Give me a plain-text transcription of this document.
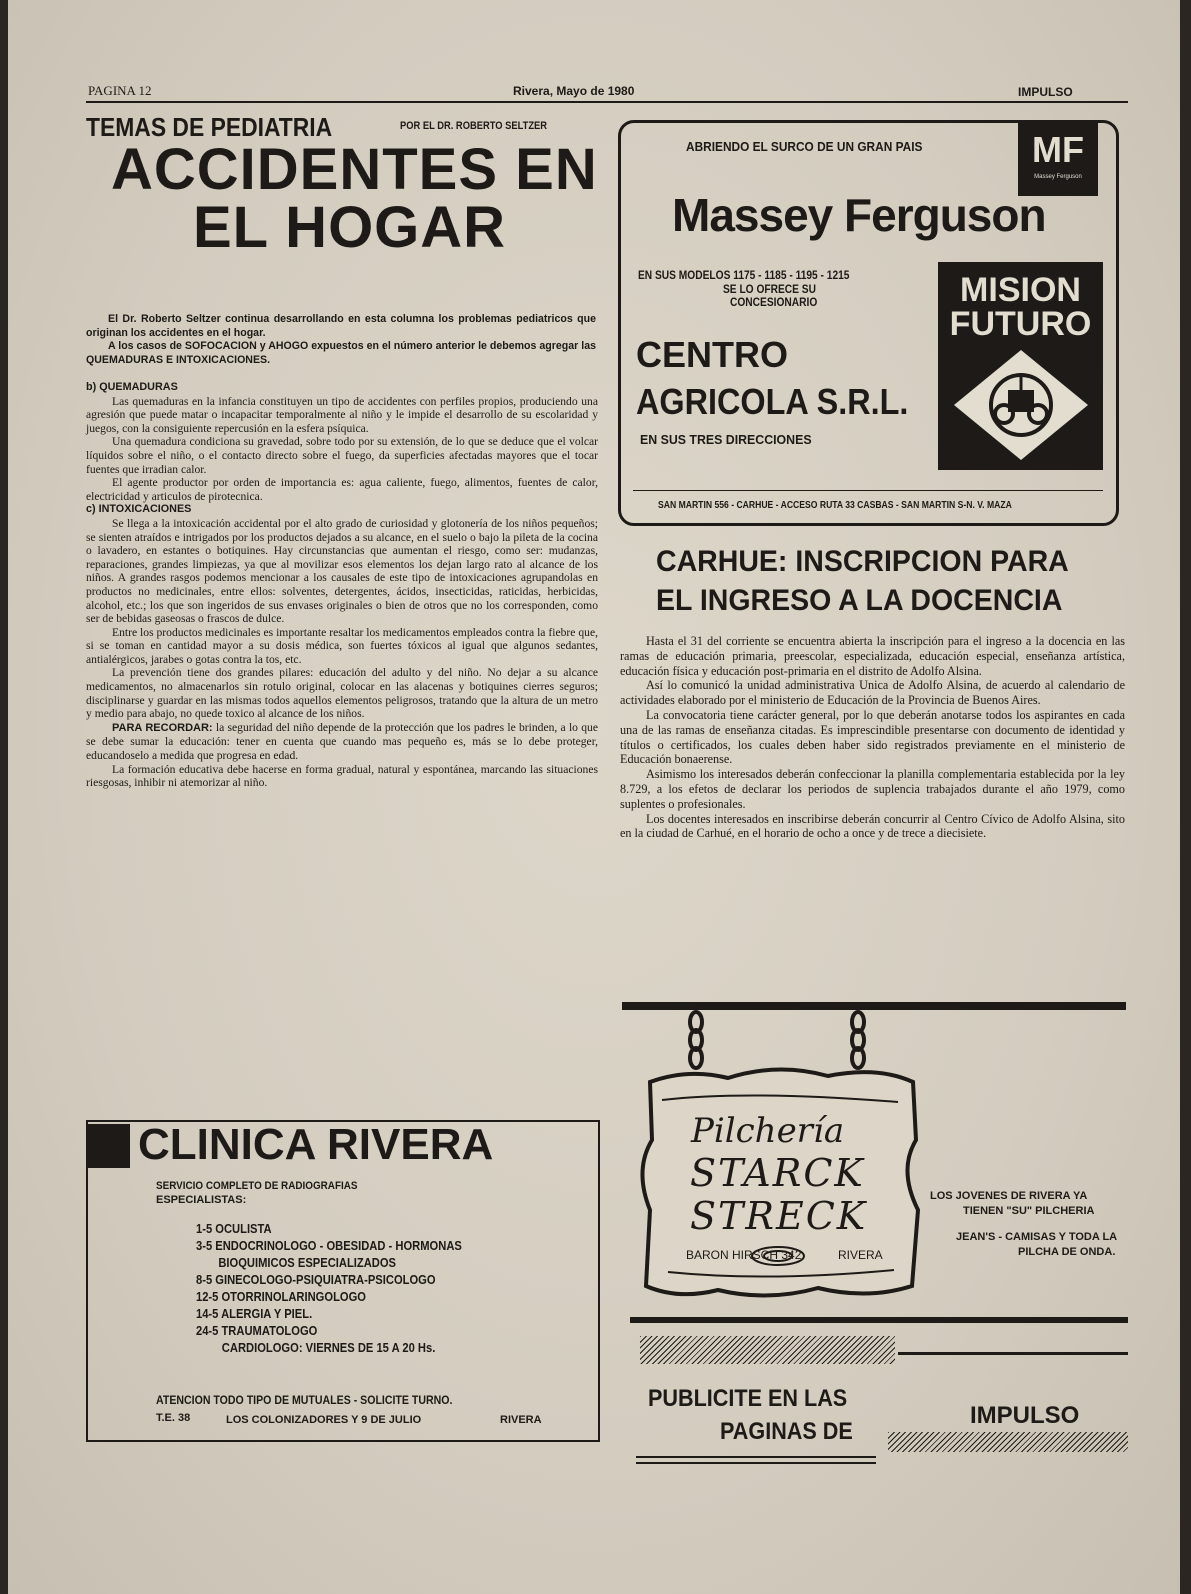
PAGINA 12	Rivera, Mayo de 1980	IMPULSO
TEMAS DE PEDIATRIA	POR EL DR. ROBERTO SELTZER
ACCIDENTES EN
EL HOGAR

El Dr. Roberto Seltzer continua desarrollando en esta columna los problemas pediatricos que originan los accidentes en el hogar.

A los casos de SOFOCACION y AHOGO expuestos en el número anterior le debemos agregar las QUEMADURAS E INTOXICACIONES.

b) QUEMADURAS

Las quemaduras en la infancia constituyen un tipo de accidentes con perfiles propios, produciendo una agresión que puede matar o incapacitar temporalmente al niño y le impide el desarrollo de su escolaridad y juegos, con la consiguiente repercusión en la esfera psíquica.

Una quemadura condiciona su gravedad, sobre todo por su extensión, de lo que se deduce que el volcar líquidos sobre el niño, o el contacto directo sobre el fuego, da superficies afectadas mayores que el tocar fuentes que irradian calor.

El agente productor por orden de importancia es: agua caliente, fuego, alimentos, fuentes de calor, electricidad y articulos de pirotecnica.

c) INTOXICACIONES

Se llega a la intoxicación accidental por el alto grado de curiosidad y glotonería de los niños pequeños; se sienten atraídos e intrigados por los productos dejados a su alcance, en el suelo o bajo la pileta de la cocina o lavadero, en estantes o botiquines. Hay circunstancias que aumentan el riesgo, como ser: mudanzas, reparaciones, grandes limpiezas, ya que al movilizar esos elementos los dejan largo rato al alcance de los niños. A grandes rasgos podemos mencionar a los causales de este tipo de intoxicaciones agrupandolas en productos no medicinales, entre ellos: solventes, detergentes, ácidos, insecticidas, raticidas, herbicidas, alcohol, etc.; los que son ingeridos de sus envases originales o bien de otros que no los corresponden, como ser de bebidas gaseosas o frascos de dulce.

Entre los productos medicinales es importante resaltar los medicamentos empleados contra la fiebre que, si se toman en cantidad mayor a su dosis médica, son fuertes tóxicos al igual que algunos sedantes, antialérgicos, jarabes o gotas contra la tos, etc.

La prevención tiene dos grandes pilares: educación del adulto y del niño. No dejar a su alcance medicamentos, no almacenarlos sin rotulo original, colocar en las alacenas y botiquines cierres seguros; disciplinarse y guardar en las mismas todos aquellos elementos peligrosos, tratando que la altura de un metro y medio para abajo, no quede toxico al alcance de los niños.

PARA RECORDAR: la seguridad del niño depende de la protección que los padres le brinden, a lo que se debe sumar la educación: tener en cuenta que cuando mas pequeño es, más se lo debe proteger, educandoselo a medida que progresa en edad.

La formación educativa debe hacerse en forma gradual, natural y espontánea, marcando las situaciones riesgosas, inhibir ni atemorizar al niño.

ABRIENDO EL SURCO DE UN GRAN PAIS	MF
Massey Ferguson
Massey Ferguson
EN SUS MODELOS 1175 - 1185 - 1195 - 1215
SE LO OFRECE SU
CONCESIONARIO
CENTRO
AGRICOLA S.R.L.
MISION
FUTURO
EN SUS TRES DIRECCIONES
SAN MARTIN 556 - CARHUE - ACCESO RUTA 33 CASBAS - SAN MARTIN S-N. V. MAZA
CARHUE: INSCRIPCION PARA
EL INGRESO A LA DOCENCIA

Hasta el 31 del corriente se encuentra abierta la inscripción para el ingreso a la docencia en las ramas de educación primaria, preescolar, especializada, educación especial, enseñanza artística, educación física y educación post-primaria en el distrito de Adolfo Alsina.

Así lo comunicó la unidad administrativa Unica de Adolfo Alsina, de acuerdo al calendario de actividades elaborado por el ministerio de Educación de la Provincia de Buenos Aires.

La convocatoria tiene carácter general, por lo que deberán anotarse todos los aspirantes en cada una de las ramas de enseñanza citadas. Es imprescindible presentarse con documento de identidad y títulos o certificados, los cuales deben haber sido registrados previamente en el ministerio de Educación bonaerense.

Asimismo los interesados deberán confeccionar la planilla complementaria establecida por la ley 8.729, a los efetos de declarar los periodos de suplencia trabajados durante el año 1979, como suplentes o profesionales.

Los docentes interesados en inscribirse deberán concurrir al Centro Cívico de Adolfo Alsina, sito en la ciudad de Carhué, en el horario de ocho a once y de trece a diecisiete.

CLINICA RIVERA
SERVICIO COMPLETO DE RADIOGRAFIAS
ESPECIALISTAS:
1-5 OCULISTA
3-5 ENDOCRINOLOGO - OBESIDAD - HORMONAS
BIOQUIMICOS ESPECIALIZADOS
8-5 GINECOLOGO-PSIQUIATRA-PSICOLOGO
12-5 OTORRINOLARINGOLOGO
14-5 ALERGIA Y PIEL.
24-5 TRAUMATOLOGO
CARDIOLOGO: VIERNES DE 15 A 20 Hs.
ATENCION TODO TIPO DE MUTUALES - SOLICITE TURNO.
T.E. 38	LOS COLONIZADORES Y 9 DE JULIO	RIVERA
Pilchería
STARCK
STRECK
BARON HIRSCH 342	RIVERA
LOS JOVENES DE RIVERA YA
TIENEN "SU" PILCHERIA
JEAN'S - CAMISAS Y TODA LA
PILCHA DE ONDA.
PUBLICITE EN LAS
PAGINAS DE
IMPULSO
